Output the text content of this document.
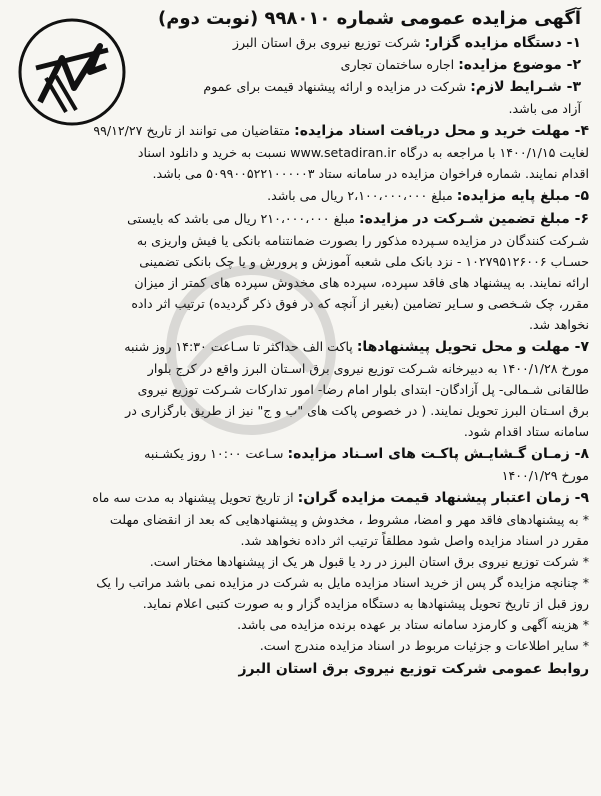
آگهی مزایده عمومی شماره ۹۹۸۰۱۰ (نوبت دوم)
۱- دستگاه مزایده گزار: شرکت توزیع نیروی برق استان البرز
۲- موضوع مزایده: اجاره ساختمان تجاری
۳- شـرایط لازم: شرکت در مزایده و ارائه پیشنهاد قیمت برای عموم
آزاد می باشد.
۴- مهلت خرید و محل دریافت اسناد مزایده: متقاضیان می توانند از تاریخ ۹۹/۱۲/۲۷
لغایت ۱۴۰۰/۱/۱۵ با مراجعه به درگاه www.setadiran.ir نسبت به خرید و دانلود اسناد
اقدام نمایند. شماره فراخوان مزایده در سامانه ستاد ۵۰۹۹۰۰۵۲۲۱۰۰۰۰۰۳ می باشد.
۵- مبلغ پایه مزایده: مبلغ ۲،۱۰۰،۰۰۰،۰۰۰ ریال می باشد.
۶- مبلغ تضمین شـرکت در مزایده: مبلغ ۲۱۰،۰۰۰،۰۰۰ ریال می باشد که بایستی
شـرکت کنندگان در مزایده سـپرده مذکور را بصورت ضمانتنامه بانکی یا فیش واریزی به
حسـاب ۱۰۲۷۹۵۱۲۶۰۰۶ - نزد بانک ملی شعبه آموزش و پرورش و یا چک بانکی تضمینی
ارائه نمایند. به پیشنهاد های فاقد سپرده، سپرده های مخدوش سپرده های کمتر از میزان
مقرر، چک شـخصی و سـایر تضامین (بغیر از آنچه که در فوق ذکر گردیده) ترتیب اثر داده
نخواهد شد.
۷- مهلت و محل تحویل پیشنهادها: پاکت الف حداکثر تا سـاعت ۱۴:۳۰ روز شنبه
مورخ ۱۴۰۰/۱/۲۸ به دبیرخانه شـرکت توزیع نیروی برق اسـتان البرز واقع در کرج بلوار
طالقانی شـمالی- پل آزادگان- ابتدای بلوار امام رضا- امور تدارکات شـرکت توزیع نیروی
برق اسـتان البرز تحویل نمایند. ( در خصوص پاکت های "ب و ج" نیز از طریق بارگزاری در
سامانه ستاد اقدام شود.
۸- زمـان گـشایـش پاکـت های اسـناد مزایده: سـاعت ۱۰:۰۰ روز یکشـنبه
مورخ ۱۴۰۰/۱/۲۹
۹- زمان اعتبار پیشنهاد قیمت مزایده گران: از تاریخ تحویل پیشنهاد به مدت سه ماه
* به پیشنهادهای فاقد مهر و امضا، مشروط ، مخدوش و پیشنهادهایی که بعد از انقضای مهلت
مقرر در اسناد مزایده واصل شود مطلقاً ترتیب اثر داده نخواهد شد.
* شرکت توزیع نیروی برق استان البرز در رد یا قبول هر یک از پیشنهادها مختار است.
* چنانچه مزایده گر پس از خرید اسناد مزایده مایل به شرکت در مزایده نمی باشد مراتب را یک
روز قبل از تاریخ تحویل پیشنهادها به دستگاه مزایده گزار و به صورت کتبی اعلام نماید.
* هزینه آگهی و کارمزد سامانه ستاد بر عهده برنده مزایده می باشد.
* سایر اطلاعات و جزئیات مربوط در اسناد مزایده مندرج است.
روابط عمومی شرکت توزیع نیروی برق استان البرز
